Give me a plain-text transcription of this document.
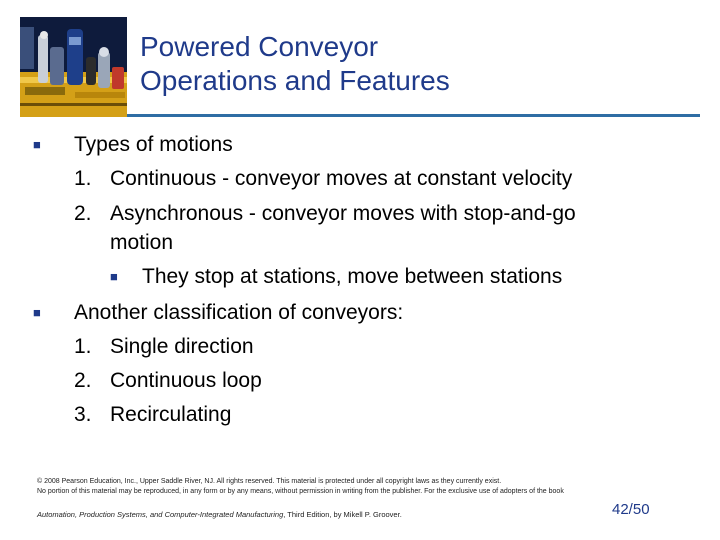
Powered Conveyor
Operations and Features
■ Types of motions
1. Continuous - conveyor moves at constant velocity
2. Asynchronous - conveyor moves with stop-and-go
motion
■ They stop at stations, move between stations
■ Another classification of conveyors:
1. Single direction
2. Continuous loop
3. Recirculating
© 2008 Pearson Education, Inc., Upper Saddle River, NJ. All rights reserved. This material is protected under all copyright laws as they currently exist.
No portion of this material may be reproduced, in any form or by any means, without permission in writing from the publisher. For the exclusive use of adopters of the book
Automation, Production Systems, and Computer-Integrated Manufacturing, Third Edition, by Mikell P. Groover.	42/50
